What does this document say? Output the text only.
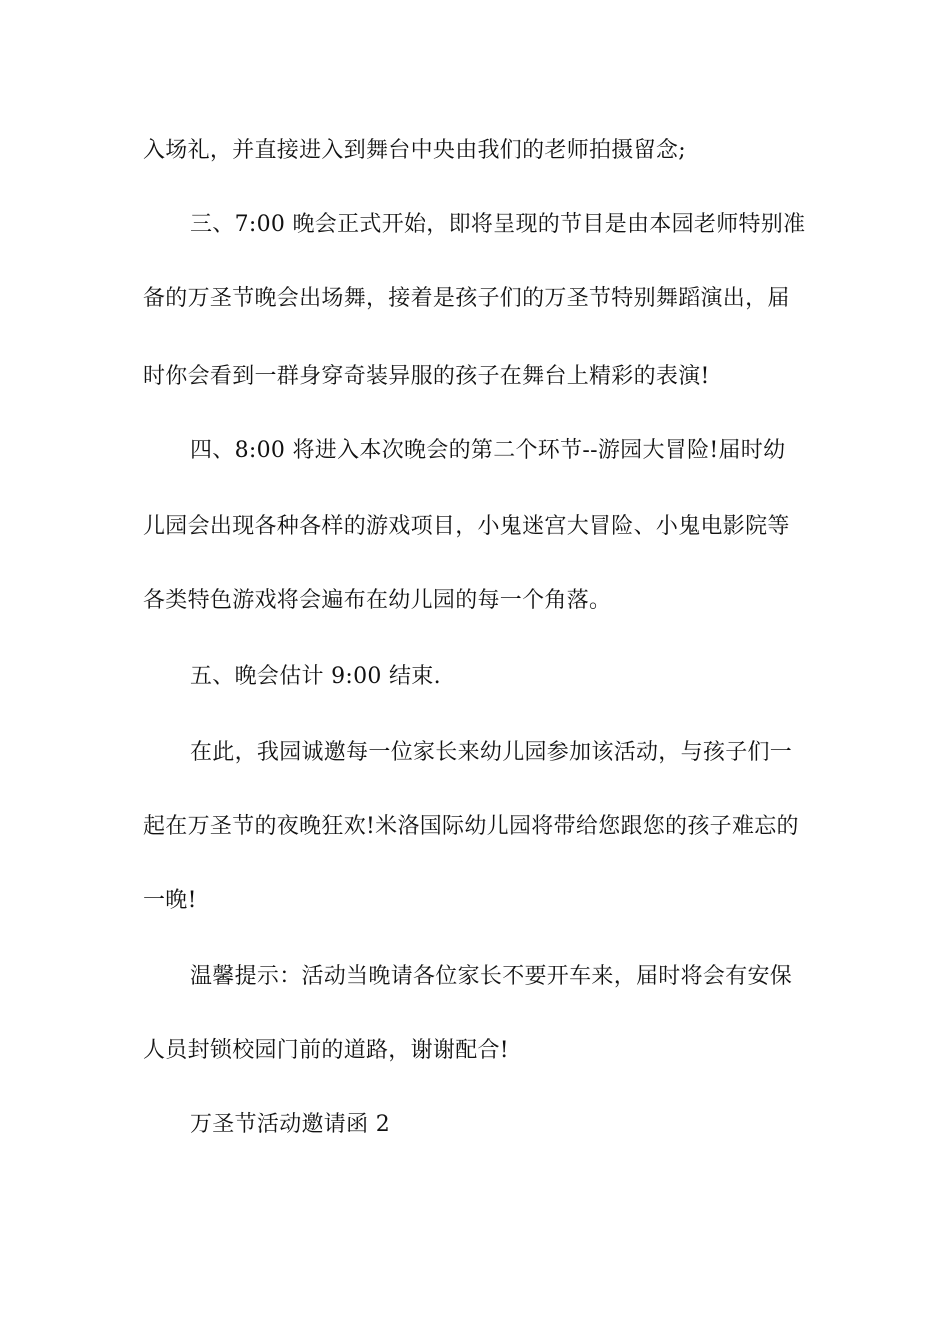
入场礼，并直接进入到舞台中央由我们的老师拍摄留念;
三、7:00 晚会正式开始，即将呈现的节目是由本园老师特别准
备的万圣节晚会出场舞，接着是孩子们的万圣节特别舞蹈演出，届
时你会看到一群身穿奇装异服的孩子在舞台上精彩的表演!
四、8:00 将进入本次晚会的第二个环节--游园大冒险!届时幼
儿园会出现各种各样的游戏项目，小鬼迷宫大冒险、小鬼电影院等
各类特色游戏将会遍布在幼儿园的每一个角落。
五、晚会估计 9:00 结束.
在此，我园诚邀每一位家长来幼儿园参加该活动，与孩子们一
起在万圣节的夜晚狂欢!米洛国际幼儿园将带给您跟您的孩子难忘的
一晚!
温馨提示：活动当晚请各位家长不要开车来，届时将会有安保
人员封锁校园门前的道路，谢谢配合!
万圣节活动邀请函 2
